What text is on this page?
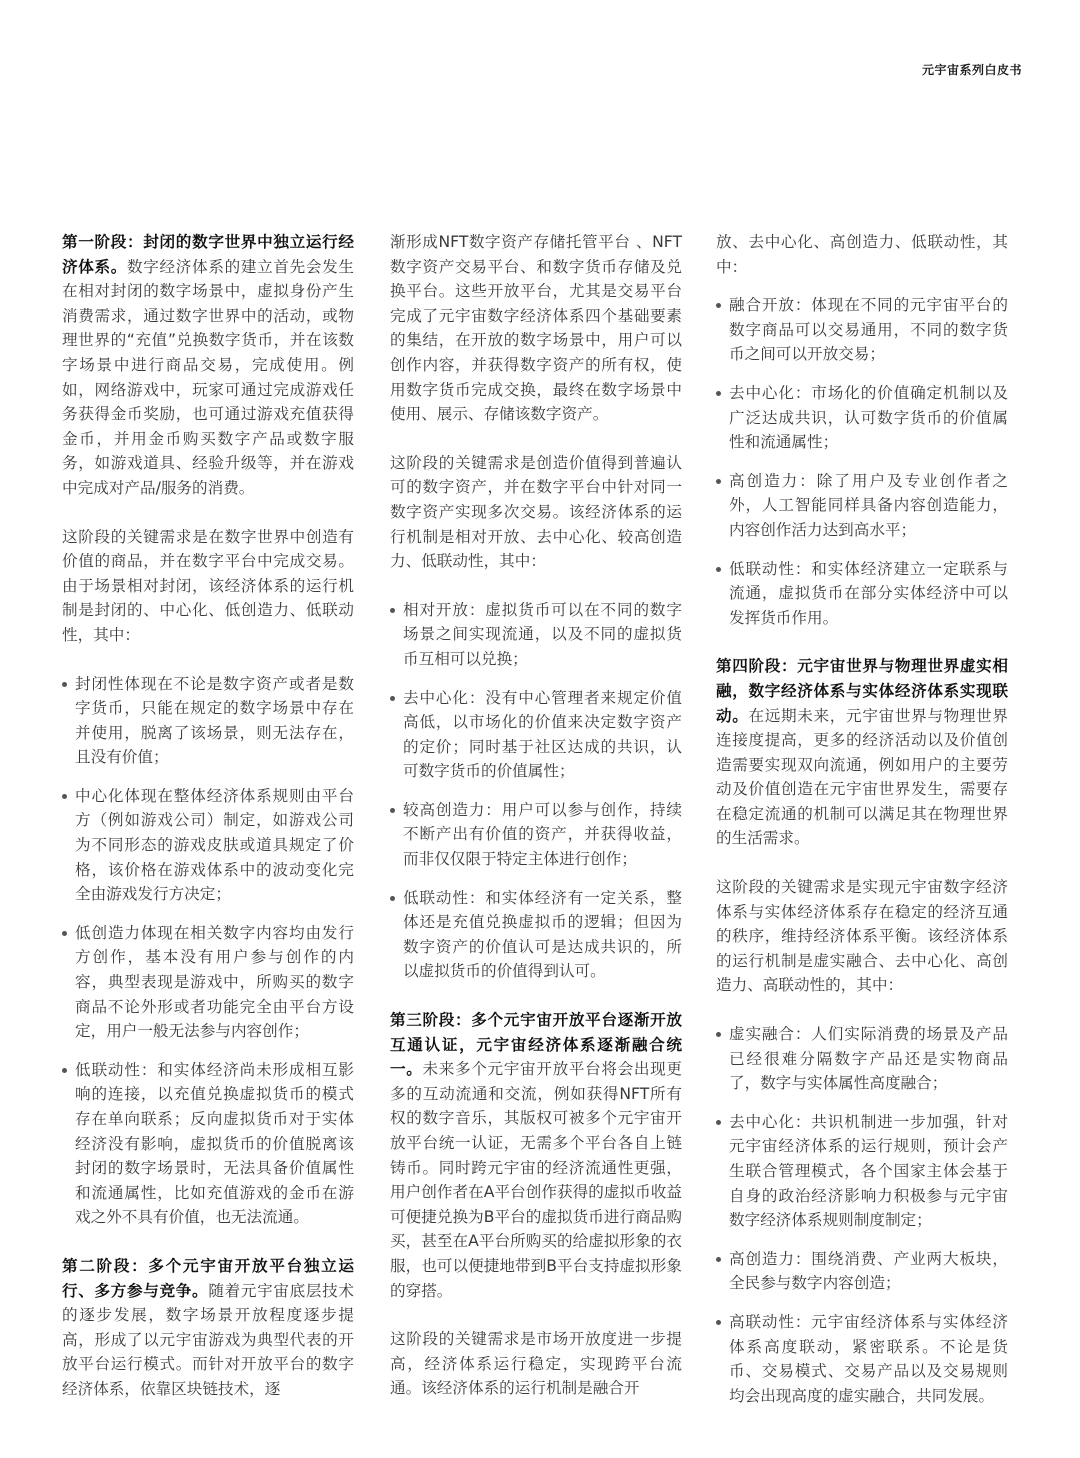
元宇宙系列白皮书

第一阶段：封闭的数字世界中独立运行经济体系。数字经济体系的建立首先会发生在相对封闭的数字场景中，虚拟身份产生消费需求，通过数字世界中的活动，或物理世界的“充值”兑换数字货币，并在该数字场景中进行商品交易，完成使用。例如，网络游戏中，玩家可通过完成游戏任务获得金币奖励，也可通过游戏充值获得金币，并用金币购买数字产品或数字服务，如游戏道具、经验升级等，并在游戏中完成对产品/服务的消费。

这阶段的关键需求是在数字世界中创造有价值的商品，并在数字平台中完成交易。由于场景相对封闭，该经济体系的运行机制是封闭的、中心化、低创造力、低联动性，其中：

封闭性体现在不论是数字资产或者是数字货币，只能在规定的数字场景中存在并使用，脱离了该场景，则无法存在，且没有价值；
中心化体现在整体经济体系规则由平台方（例如游戏公司）制定，如游戏公司为不同形态的游戏皮肤或道具规定了价格，该价格在游戏体系中的波动变化完全由游戏发行方决定；
低创造力体现在相关数字内容均由发行方创作，基本没有用户参与创作的内容，典型表现是游戏中，所购买的数字商品不论外形或者功能完全由平台方设定，用户一般无法参与内容创作；
低联动性：和实体经济尚未形成相互影响的连接，以充值兑换虚拟货币的模式存在单向联系；反向虚拟货币对于实体经济没有影响，虚拟货币的价值脱离该封闭的数字场景时，无法具备价值属性和流通属性，比如充值游戏的金币在游戏之外不具有价值，也无法流通。

第二阶段：多个元宇宙开放平台独立运行、多方参与竞争。随着元宇宙底层技术的逐步发展，数字场景开放程度逐步提高，形成了以元宇宙游戏为典型代表的开放平台运行模式。而针对开放平台的数字经济体系，依靠区块链技术，逐

渐形成NFT数字资产存储托管平台 、NFT数字资产交易平台、和数字货币存储及兑换平台。这些开放平台，尤其是交易平台完成了元宇宙数字经济体系四个基础要素的集结，在开放的数字场景中，用户可以创作内容，并获得数字资产的所有权，使用数字货币完成交换，最终在数字场景中使用、展示、存储该数字资产。

这阶段的关键需求是创造价值得到普遍认可的数字资产，并在数字平台中针对同一数字资产实现多次交易。该经济体系的运行机制是相对开放、去中心化、较高创造力、低联动性，其中：

相对开放：虚拟货币可以在不同的数字场景之间实现流通，以及不同的虚拟货币互相可以兑换；
去中心化：没有中心管理者来规定价值高低，以市场化的价值来决定数字资产的定价；同时基于社区达成的共识，认可数字货币的价值属性；
较高创造力：用户可以参与创作，持续不断产出有价值的资产，并获得收益，而非仅仅限于特定主体进行创作；
低联动性：和实体经济有一定关系，整体还是充值兑换虚拟币的逻辑；但因为数字资产的价值认可是达成共识的，所以虚拟货币的价值得到认可。

第三阶段：多个元宇宙开放平台逐渐开放互通认证，元宇宙经济体系逐渐融合统一。未来多个元宇宙开放平台将会出现更多的互动流通和交流，例如获得NFT所有权的数字音乐，其版权可被多个元宇宙开放平台统一认证，无需多个平台各自上链铸币。同时跨元宇宙的经济流通性更强，用户创作者在A平台创作获得的虚拟币收益可便捷兑换为B平台的虚拟货币进行商品购买，甚至在A平台所购买的给虚拟形象的衣服，也可以便捷地带到B平台支持虚拟形象的穿搭。

这阶段的关键需求是市场开放度进一步提高，经济体系运行稳定，实现跨平台流通。该经济体系的运行机制是融合开

放、去中心化、高创造力、低联动性，其中：

融合开放：体现在不同的元宇宙平台的数字商品可以交易通用，不同的数字货币之间可以开放交易；
去中心化：市场化的价值确定机制以及广泛达成共识，认可数字货币的价值属性和流通属性；
高创造力：除了用户及专业创作者之外，人工智能同样具备内容创造能力，内容创作活力达到高水平；
低联动性：和实体经济建立一定联系与流通，虚拟货币在部分实体经济中可以发挥货币作用。

第四阶段：元宇宙世界与物理世界虚实相融，数字经济体系与实体经济体系实现联动。在远期未来，元宇宙世界与物理世界连接度提高，更多的经济活动以及价值创造需要实现双向流通，例如用户的主要劳动及价值创造在元宇宙世界发生，需要存在稳定流通的机制可以满足其在物理世界的生活需求。

这阶段的关键需求是实现元宇宙数字经济体系与实体经济体系存在稳定的经济互通的秩序，维持经济体系平衡。该经济体系的运行机制是虚实融合、去中心化、高创造力、高联动性的，其中：

虚实融合：人们实际消费的场景及产品已经很难分隔数字产品还是实物商品了，数字与实体属性高度融合；
去中心化：共识机制进一步加强，针对元宇宙经济体系的运行规则，预计会产生联合管理模式，各个国家主体会基于自身的政治经济影响力积极参与元宇宙数字经济体系规则制度制定；
高创造力：围绕消费、产业两大板块，全民参与数字内容创造；
高联动性：元宇宙经济体系与实体经济体系高度联动，紧密联系。不论是货币、交易模式、交易产品以及交易规则均会出现高度的虚实融合，共同发展。
